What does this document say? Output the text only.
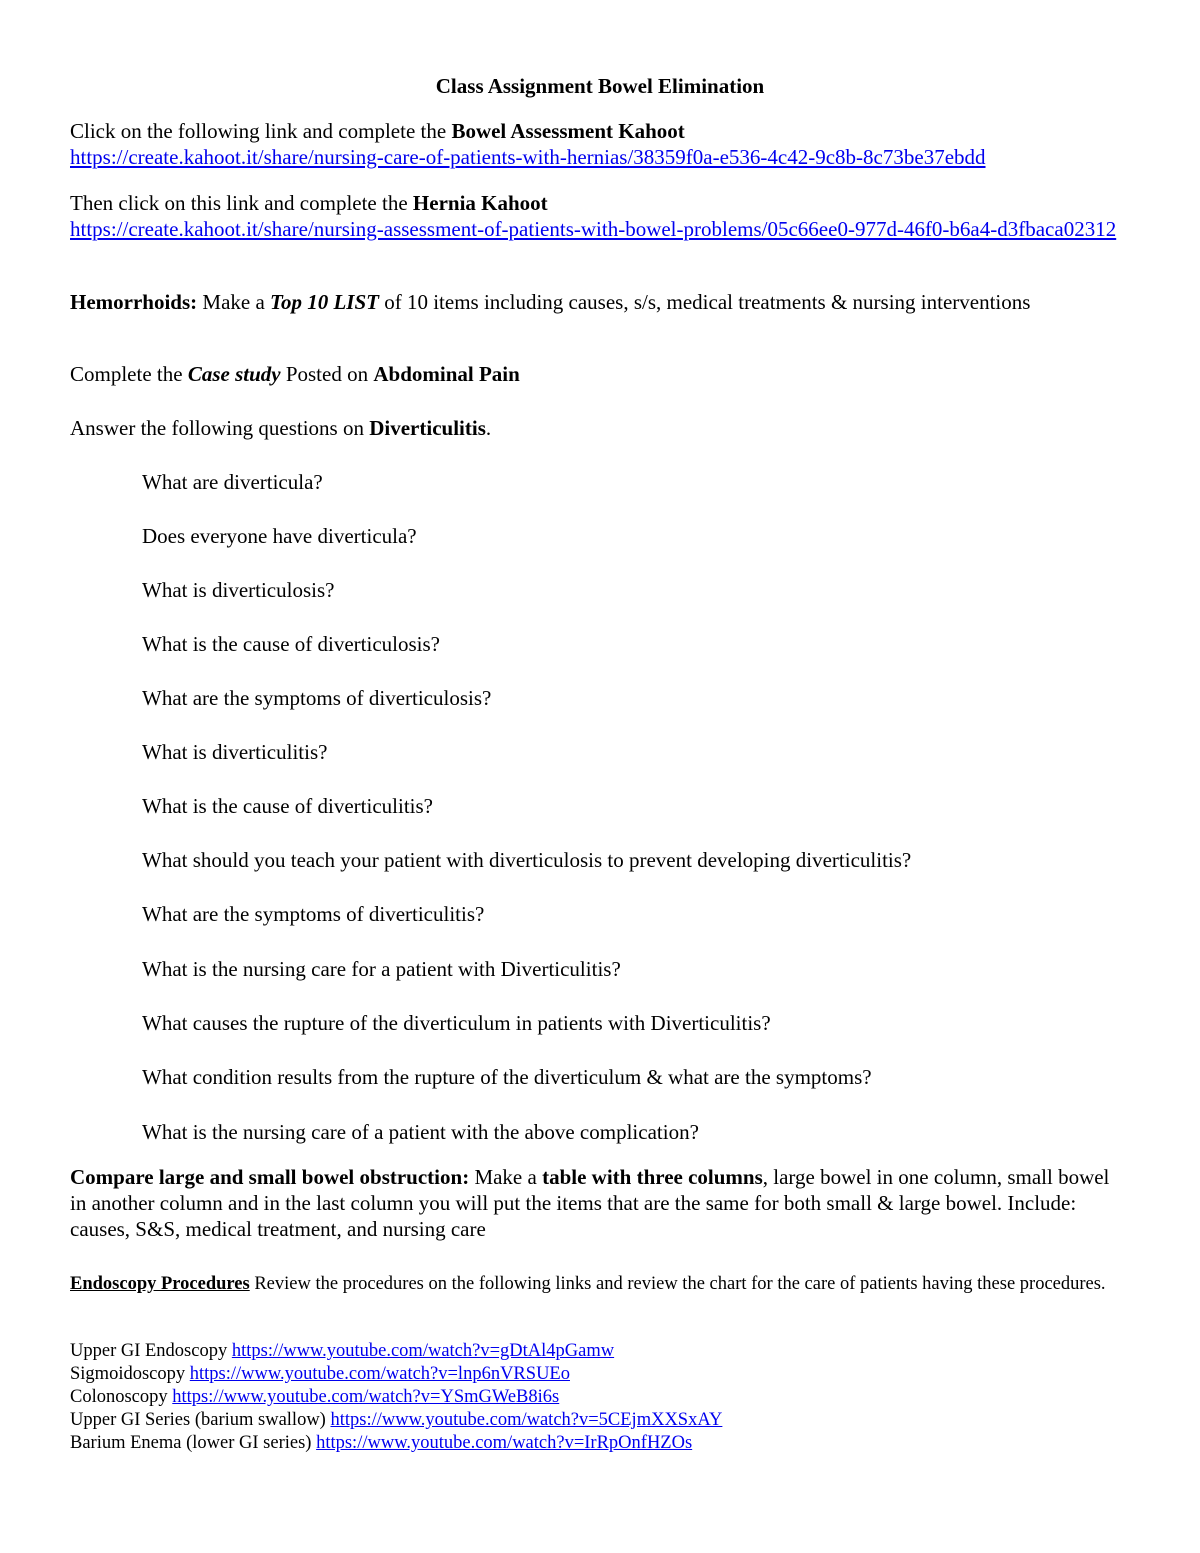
Class Assignment Bowel Elimination

Click on the following link and complete the Bowel Assessment Kahoot
https://create.kahoot.it/share/nursing-care-of-patients-with-hernias/38359f0a-e536-4c42-9c8b-8c73be37ebdd

Then click on this link and complete the Hernia Kahoot
https://create.kahoot.it/share/nursing-assessment-of-patients-with-bowel-problems/05c66ee0-977d-46f0-b6a4-d3fbaca02312

Hemorrhoids: Make a Top 10 LIST of 10 items including causes, s/s, medical treatments & nursing interventions

Complete the Case study Posted on Abdominal Pain

Answer the following questions on Diverticulitis.

What are diverticula?

Does everyone have diverticula?

What is diverticulosis?

What is the cause of diverticulosis?

What are the symptoms of diverticulosis?

What is diverticulitis?

What is the cause of diverticulitis?

What should you teach your patient with diverticulosis to prevent developing diverticulitis?

What are the symptoms of diverticulitis?

What is the nursing care for a patient with Diverticulitis?

What causes the rupture of the diverticulum in patients with Diverticulitis?

What condition results from the rupture of the diverticulum & what are the symptoms?

What is the nursing care of a patient with the above complication?

Compare large and small bowel obstruction: Make a table with three columns, large bowel in one column, small bowel in another column and in the last column you will put the items that are the same for both small & large bowel. Include: causes, S&S, medical treatment, and nursing care

Endoscopy Procedures Review the procedures on the following links and review the chart for the care of patients having these procedures.

Upper GI Endoscopy https://www.youtube.com/watch?v=gDtAl4pGamw
Sigmoidoscopy https://www.youtube.com/watch?v=lnp6nVRSUEo
Colonoscopy https://www.youtube.com/watch?v=YSmGWeB8i6s
Upper GI Series (barium swallow) https://www.youtube.com/watch?v=5CEjmXXSxAY
Barium Enema (lower GI series) https://www.youtube.com/watch?v=IrRpOnfHZOs
